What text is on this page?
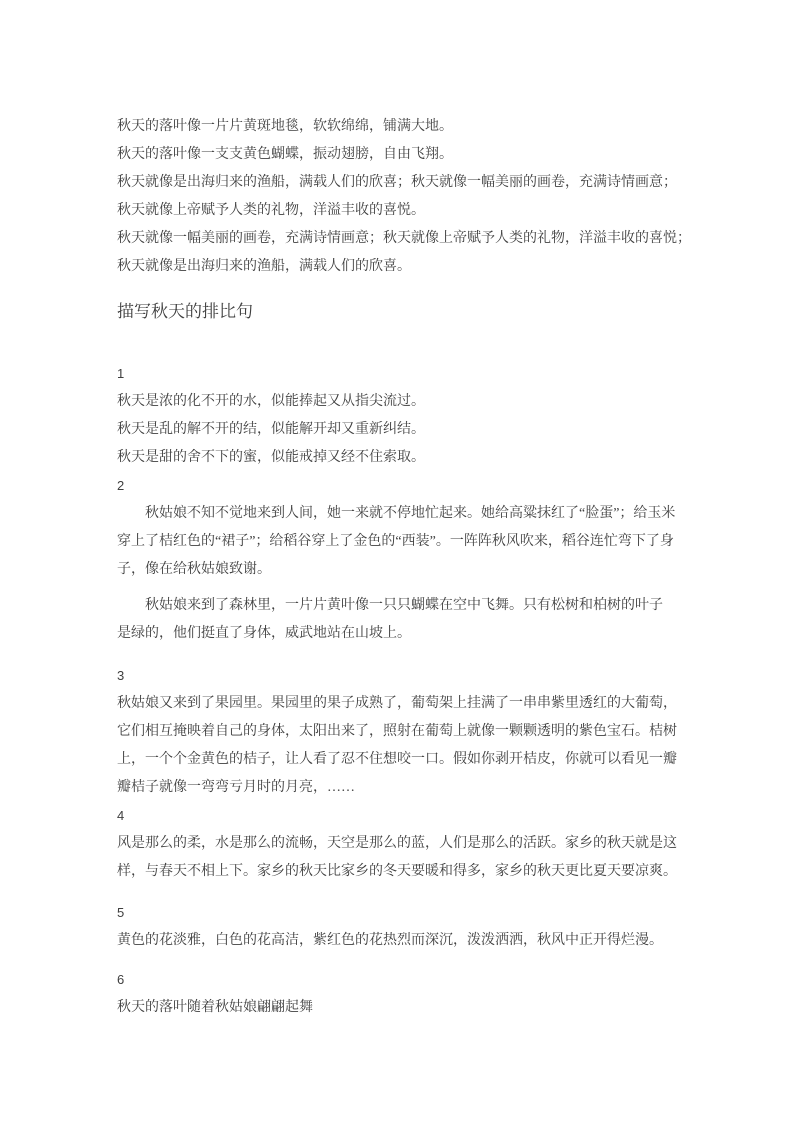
秋天的落叶像一片片黄斑地毯，软软绵绵，铺满大地。
秋天的落叶像一支支黄色蝴蝶，振动翅膀，自由飞翔。
秋天就像是出海归来的渔船，满载人们的欣喜；秋天就像一幅美丽的画卷，充满诗情画意；
秋天就像上帝赋予人类的礼物，洋溢丰收的喜悦。
秋天就像一幅美丽的画卷，充满诗情画意；秋天就像上帝赋予人类的礼物，洋溢丰收的喜悦；
秋天就像是出海归来的渔船，满载人们的欣喜。
描写秋天的排比句
1
秋天是浓的化不开的水，似能捧起又从指尖流过。
秋天是乱的解不开的结，似能解开却又重新纠结。
秋天是甜的舍不下的蜜，似能戒掉又经不住索取。
2
秋姑娘不知不觉地来到人间，她一来就不停地忙起来。她给高粱抹红了“脸蛋”；给玉米
穿上了桔红色的“裙子”；给稻谷穿上了金色的“西装”。一阵阵秋风吹来，稻谷连忙弯下了身
子，像在给秋姑娘致谢。
秋姑娘来到了森林里，一片片黄叶像一只只蝴蝶在空中飞舞。只有松树和柏树的叶子
是绿的，他们挺直了身体，威武地站在山坡上。
3
秋姑娘又来到了果园里。果园里的果子成熟了，葡萄架上挂满了一串串紫里透红的大葡萄，
它们相互掩映着自己的身体，太阳出来了，照射在葡萄上就像一颗颗透明的紫色宝石。桔树
上，一个个金黄色的桔子，让人看了忍不住想咬一口。假如你剥开桔皮，你就可以看见一瓣
瓣桔子就像一弯弯亏月时的月亮，……
4
风是那么的柔，水是那么的流畅，天空是那么的蓝，人们是那么的活跃。家乡的秋天就是这
样，与春天不相上下。家乡的秋天比家乡的冬天要暖和得多，家乡的秋天更比夏天要凉爽。
5
黄色的花淡雅，白色的花高洁，紫红色的花热烈而深沉，泼泼洒洒，秋风中正开得烂漫。
6
秋天的落叶随着秋姑娘翩翩起舞
